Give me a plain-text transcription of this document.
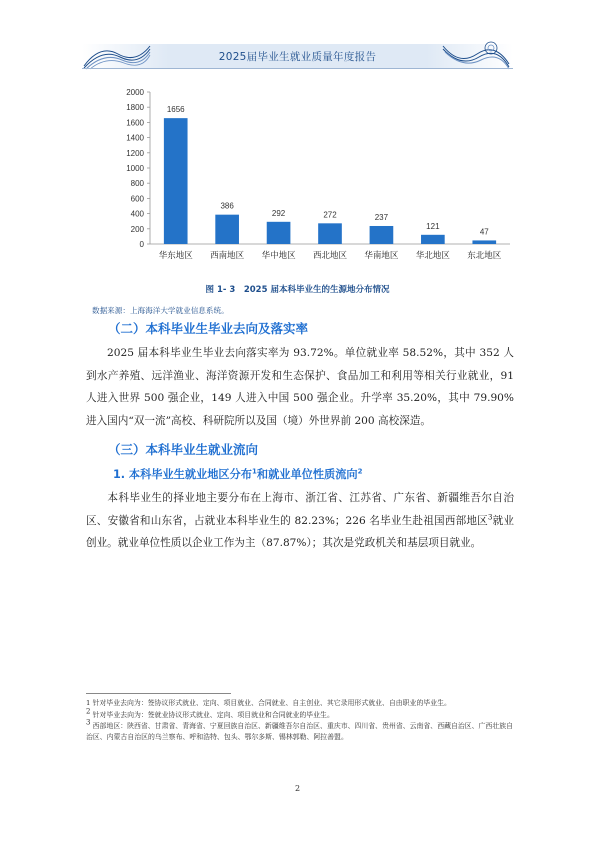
2025届毕业生就业质量年度报告
0
200
400
600
800
1000
1200
1400
1600
1800
2000
1656
华东地区
386
西南地区
292
华中地区
272
西北地区
237
华南地区
121
华北地区
47
东北地区
图 1- 3　2025 届本科毕业生的生源地分布情况
数据来源：上海海洋大学就业信息系统。
（二）本科毕业生毕业去向及落实率
2025 届本科毕业生毕业去向落实率为 93.72%。单位就业率 58.52%，其中 352 人到水产养殖、远洋渔业、海洋资源开发和生态保护、食品加工和利用等相关行业就业，91 人进入世界 500 强企业，149 人进入中国 500 强企业。升学率 35.20%，其中 79.90%进入国内“双一流”高校、科研院所以及国（境）外世界前 200 高校深造。
（三）本科毕业生就业流向
1. 本科毕业生就业地区分布$^1$和就业单位性质流向$^2$
本科毕业生的择业地主要分布在上海市、浙江省、江苏省、广东省、新疆维吾尔自治区、安徽省和山东省，占就业本科毕业生的 82.23%；226 名毕业生赴祖国西部地区$^3$就业创业。就业单位性质以企业工作为主（87.87%）；其次是党政机关和基层项目就业。

1 针对毕业去向为：签协议形式就业、定向、项目就业、合同就业、自主创业、其它录用形式就业、自由职业的毕业生。

2 针对毕业去向为：签就业协议形式就业、定向、项目就业和合同就业的毕业生。

3 西部地区：陕西省、甘肃省、青海省、宁夏回族自治区、新疆维吾尔自治区、重庆市、四川省、贵州省、云南省、西藏自治区、广西壮族自治区、内蒙古自治区的乌兰察布、呼和浩特、包头、鄂尔多斯、锡林郭勒、阿拉善盟。

2
